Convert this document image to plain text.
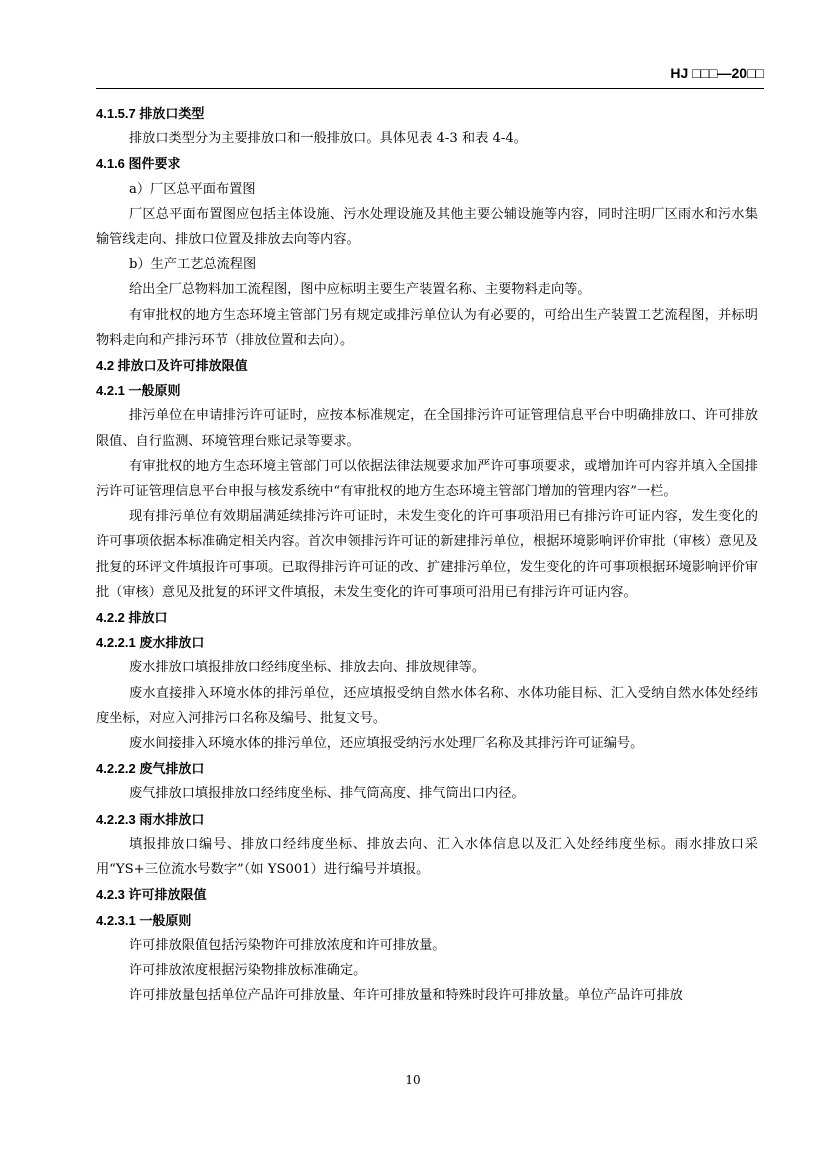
HJ □□□—20□□

4.1.5.7 排放口类型

排放口类型分为主要排放口和一般排放口。具体见表 4-3 和表 4-4。

4.1.6 图件要求

a）厂区总平面布置图

厂区总平面布置图应包括主体设施、污水处理设施及其他主要公辅设施等内容，同时注明厂区雨水和污水集输管线走向、排放口位置及排放去向等内容。

b）生产工艺总流程图

给出全厂总物料加工流程图，图中应标明主要生产装置名称、主要物料走向等。

有审批权的地方生态环境主管部门另有规定或排污单位认为有必要的，可给出生产装置工艺流程图，并标明物料走向和产排污环节（排放位置和去向）。

4.2 排放口及许可排放限值

4.2.1 一般原则

排污单位在申请排污许可证时，应按本标准规定，在全国排污许可证管理信息平台中明确排放口、许可排放限值、自行监测、环境管理台账记录等要求。

有审批权的地方生态环境主管部门可以依据法律法规要求加严许可事项要求，或增加许可内容并填入全国排污许可证管理信息平台申报与核发系统中“有审批权的地方生态环境主管部门增加的管理内容”一栏。

现有排污单位有效期届满延续排污许可证时，未发生变化的许可事项沿用已有排污许可证内容，发生变化的许可事项依据本标准确定相关内容。首次申领排污许可证的新建排污单位，根据环境影响评价审批（审核）意见及批复的环评文件填报许可事项。已取得排污许可证的改、扩建排污单位，发生变化的许可事项根据环境影响评价审批（审核）意见及批复的环评文件填报，未发生变化的许可事项可沿用已有排污许可证内容。

4.2.2 排放口

4.2.2.1 废水排放口

废水排放口填报排放口经纬度坐标、排放去向、排放规律等。

废水直接排入环境水体的排污单位，还应填报受纳自然水体名称、水体功能目标、汇入受纳自然水体处经纬度坐标，对应入河排污口名称及编号、批复文号。

废水间接排入环境水体的排污单位，还应填报受纳污水处理厂名称及其排污许可证编号。

4.2.2.2 废气排放口

废气排放口填报排放口经纬度坐标、排气筒高度、排气筒出口内径。

4.2.2.3 雨水排放口

填报排放口编号、排放口经纬度坐标、排放去向、汇入水体信息以及汇入处经纬度坐标。雨水排放口采用“YS+三位流水号数字”（如 YS001）进行编号并填报。

4.2.3 许可排放限值

4.2.3.1 一般原则

许可排放限值包括污染物许可排放浓度和许可排放量。

许可排放浓度根据污染物排放标准确定。

许可排放量包括单位产品许可排放量、年许可排放量和特殊时段许可排放量。单位产品许可排放

10
